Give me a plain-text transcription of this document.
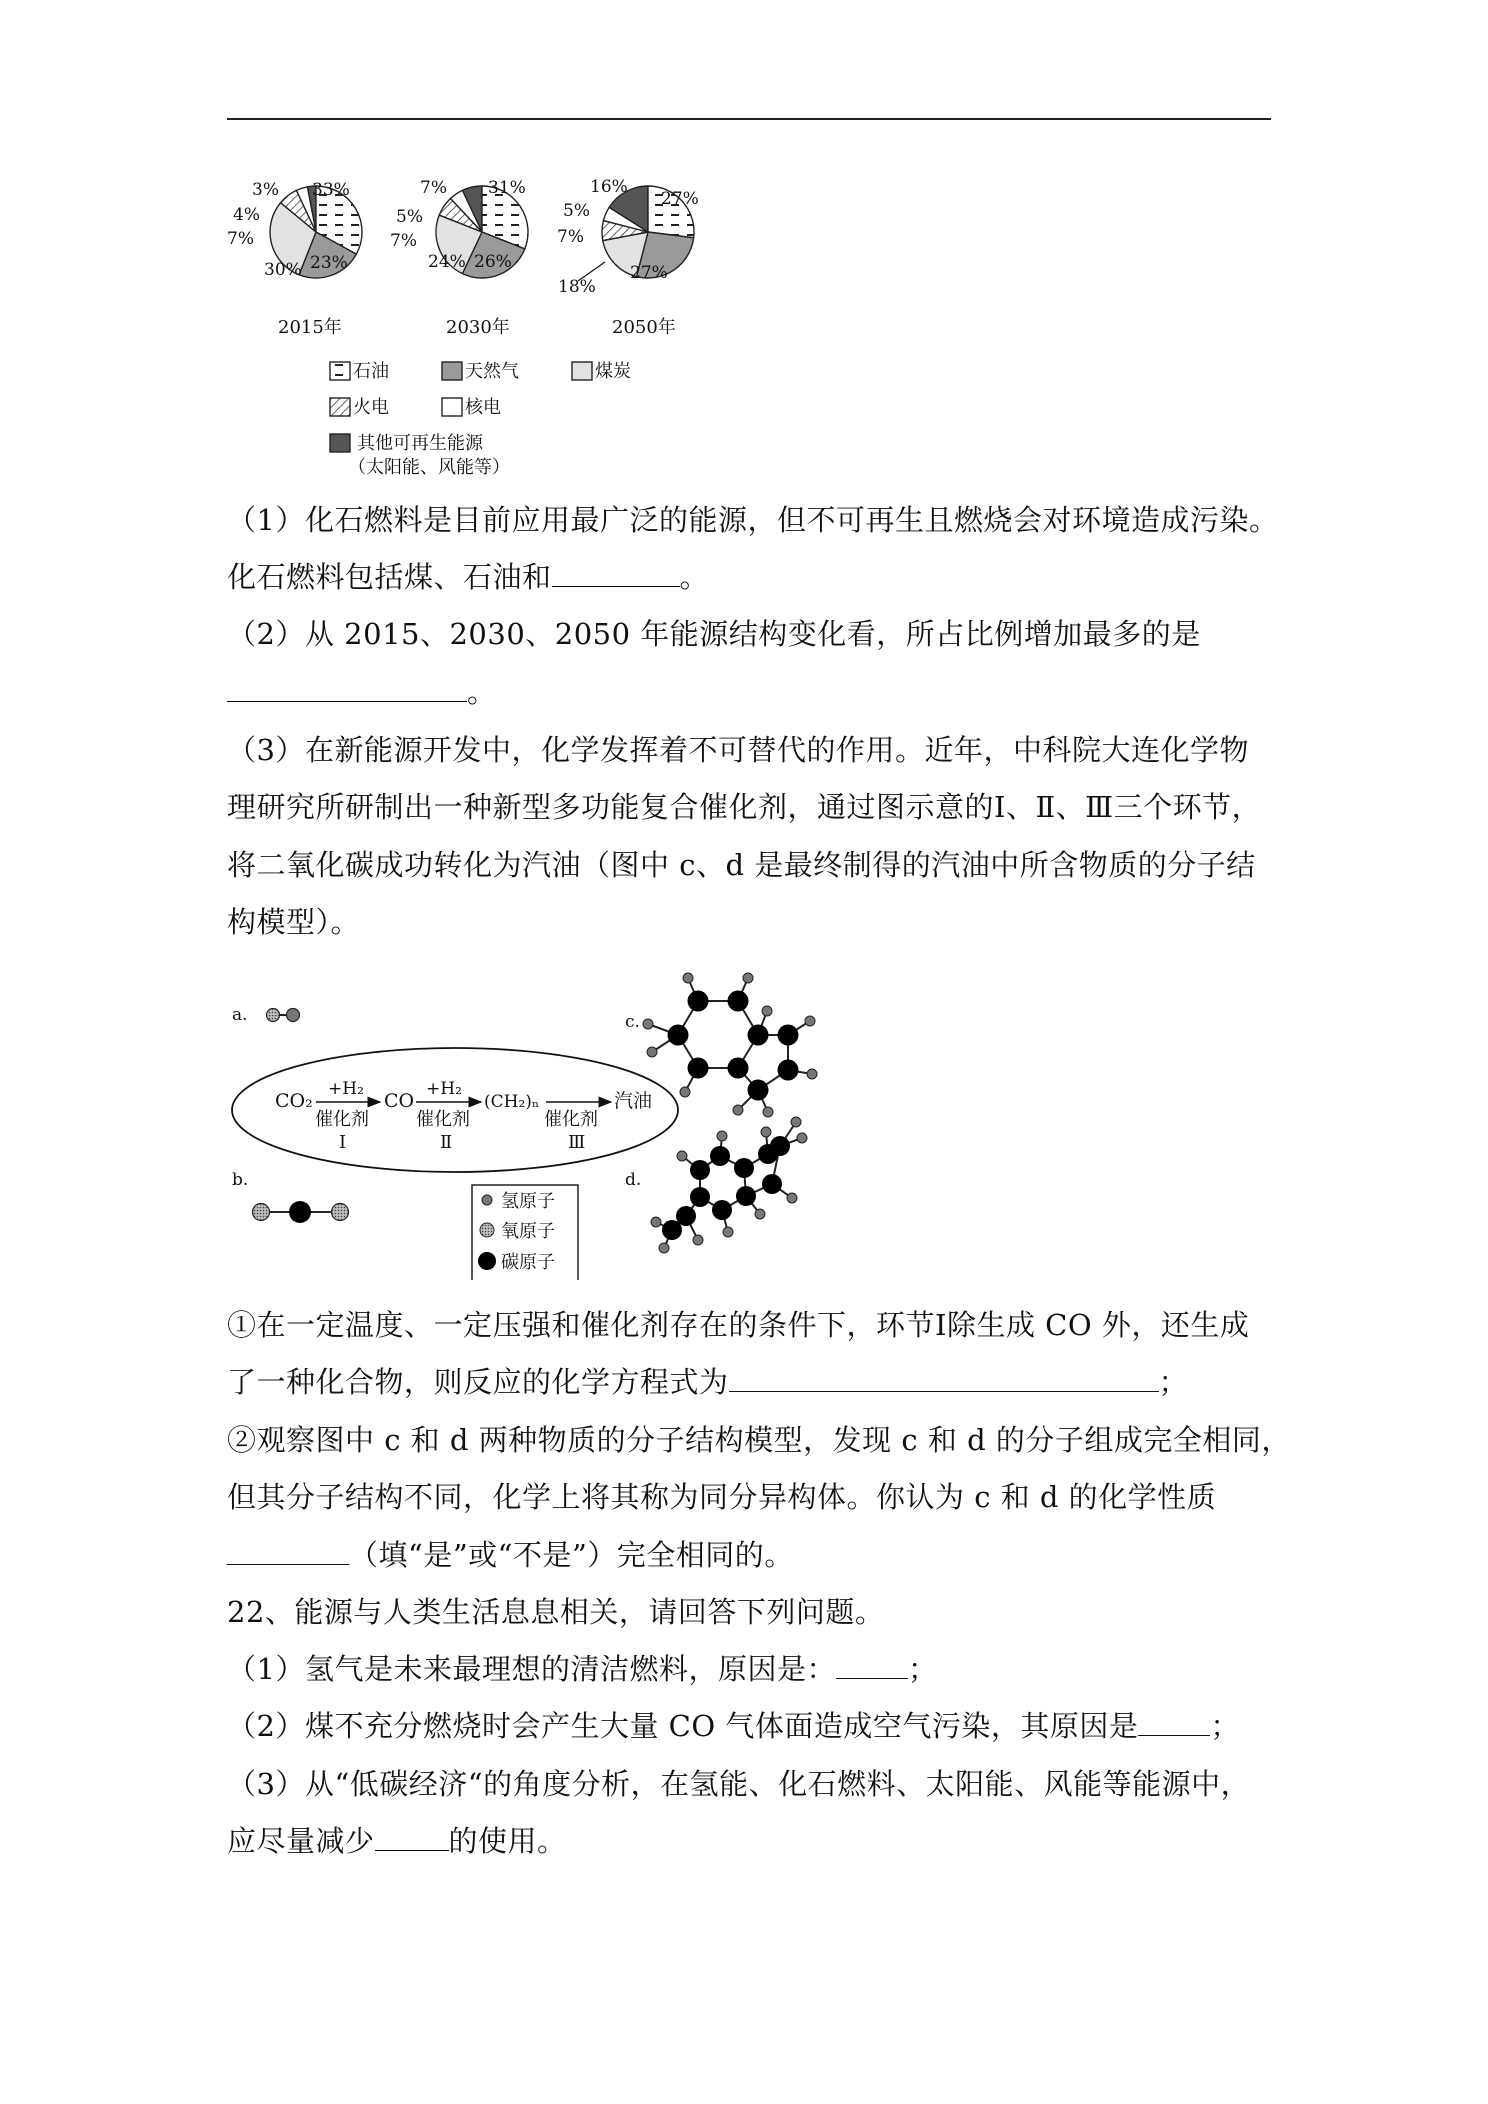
3% 33%
4%
7%
30% 23%
2015年
7% 31%
5%
7%
24% 26%
2030年
16%
27%
5%
7%
18%
27%
2050年
石油	天然气	煤炭
火电	核电
其他可再生能源
（太阳能、风能等）
（1）化石燃料是目前应用最广泛的能源，但不可再生且燃烧会对环境造成污染。
化石燃料包括煤、石油和	。
（2）从 2015、2030、2050 年能源结构变化看，所占比例增加最多的是
。
（3）在新能源开发中，化学发挥着不可替代的作用。近年，中科院大连化学物
理研究所研制出一种新型多功能复合催化剂，通过图示意的Ⅰ、Ⅱ、Ⅲ三个环节，
将二氧化碳成功转化为汽油（图中 c、d 是最终制得的汽油中所含物质的分子结
构模型）。
a.
CO₂
+H₂
催化剂
Ⅰ
CO
+H₂
催化剂
Ⅱ
(CH₂)ₙ
催化剂
Ⅲ
汽油
b.
氢原子
氧原子
碳原子
c.
d.
①在一定温度、一定压强和催化剂存在的条件下，环节Ⅰ除生成 CO 外，还生成
了一种化合物，则反应的化学方程式为	；
②观察图中 c 和 d 两种物质的分子结构模型，发现 c 和 d 的分子组成完全相同，
但其分子结构不同，化学上将其称为同分异构体。你认为 c 和 d 的化学性质
（填“是”或“不是”）完全相同的。
22、能源与人类生活息息相关，请回答下列问题。
（1）氢气是未来最理想的清洁燃料，原因是： ；
（2）煤不充分燃烧时会产生大量 CO 气体面造成空气污染，其原因是 ；
（3）从“低碳经济“的角度分析，在氢能、化石燃料、太阳能、风能等能源中，
应尽量减少	的使用。
